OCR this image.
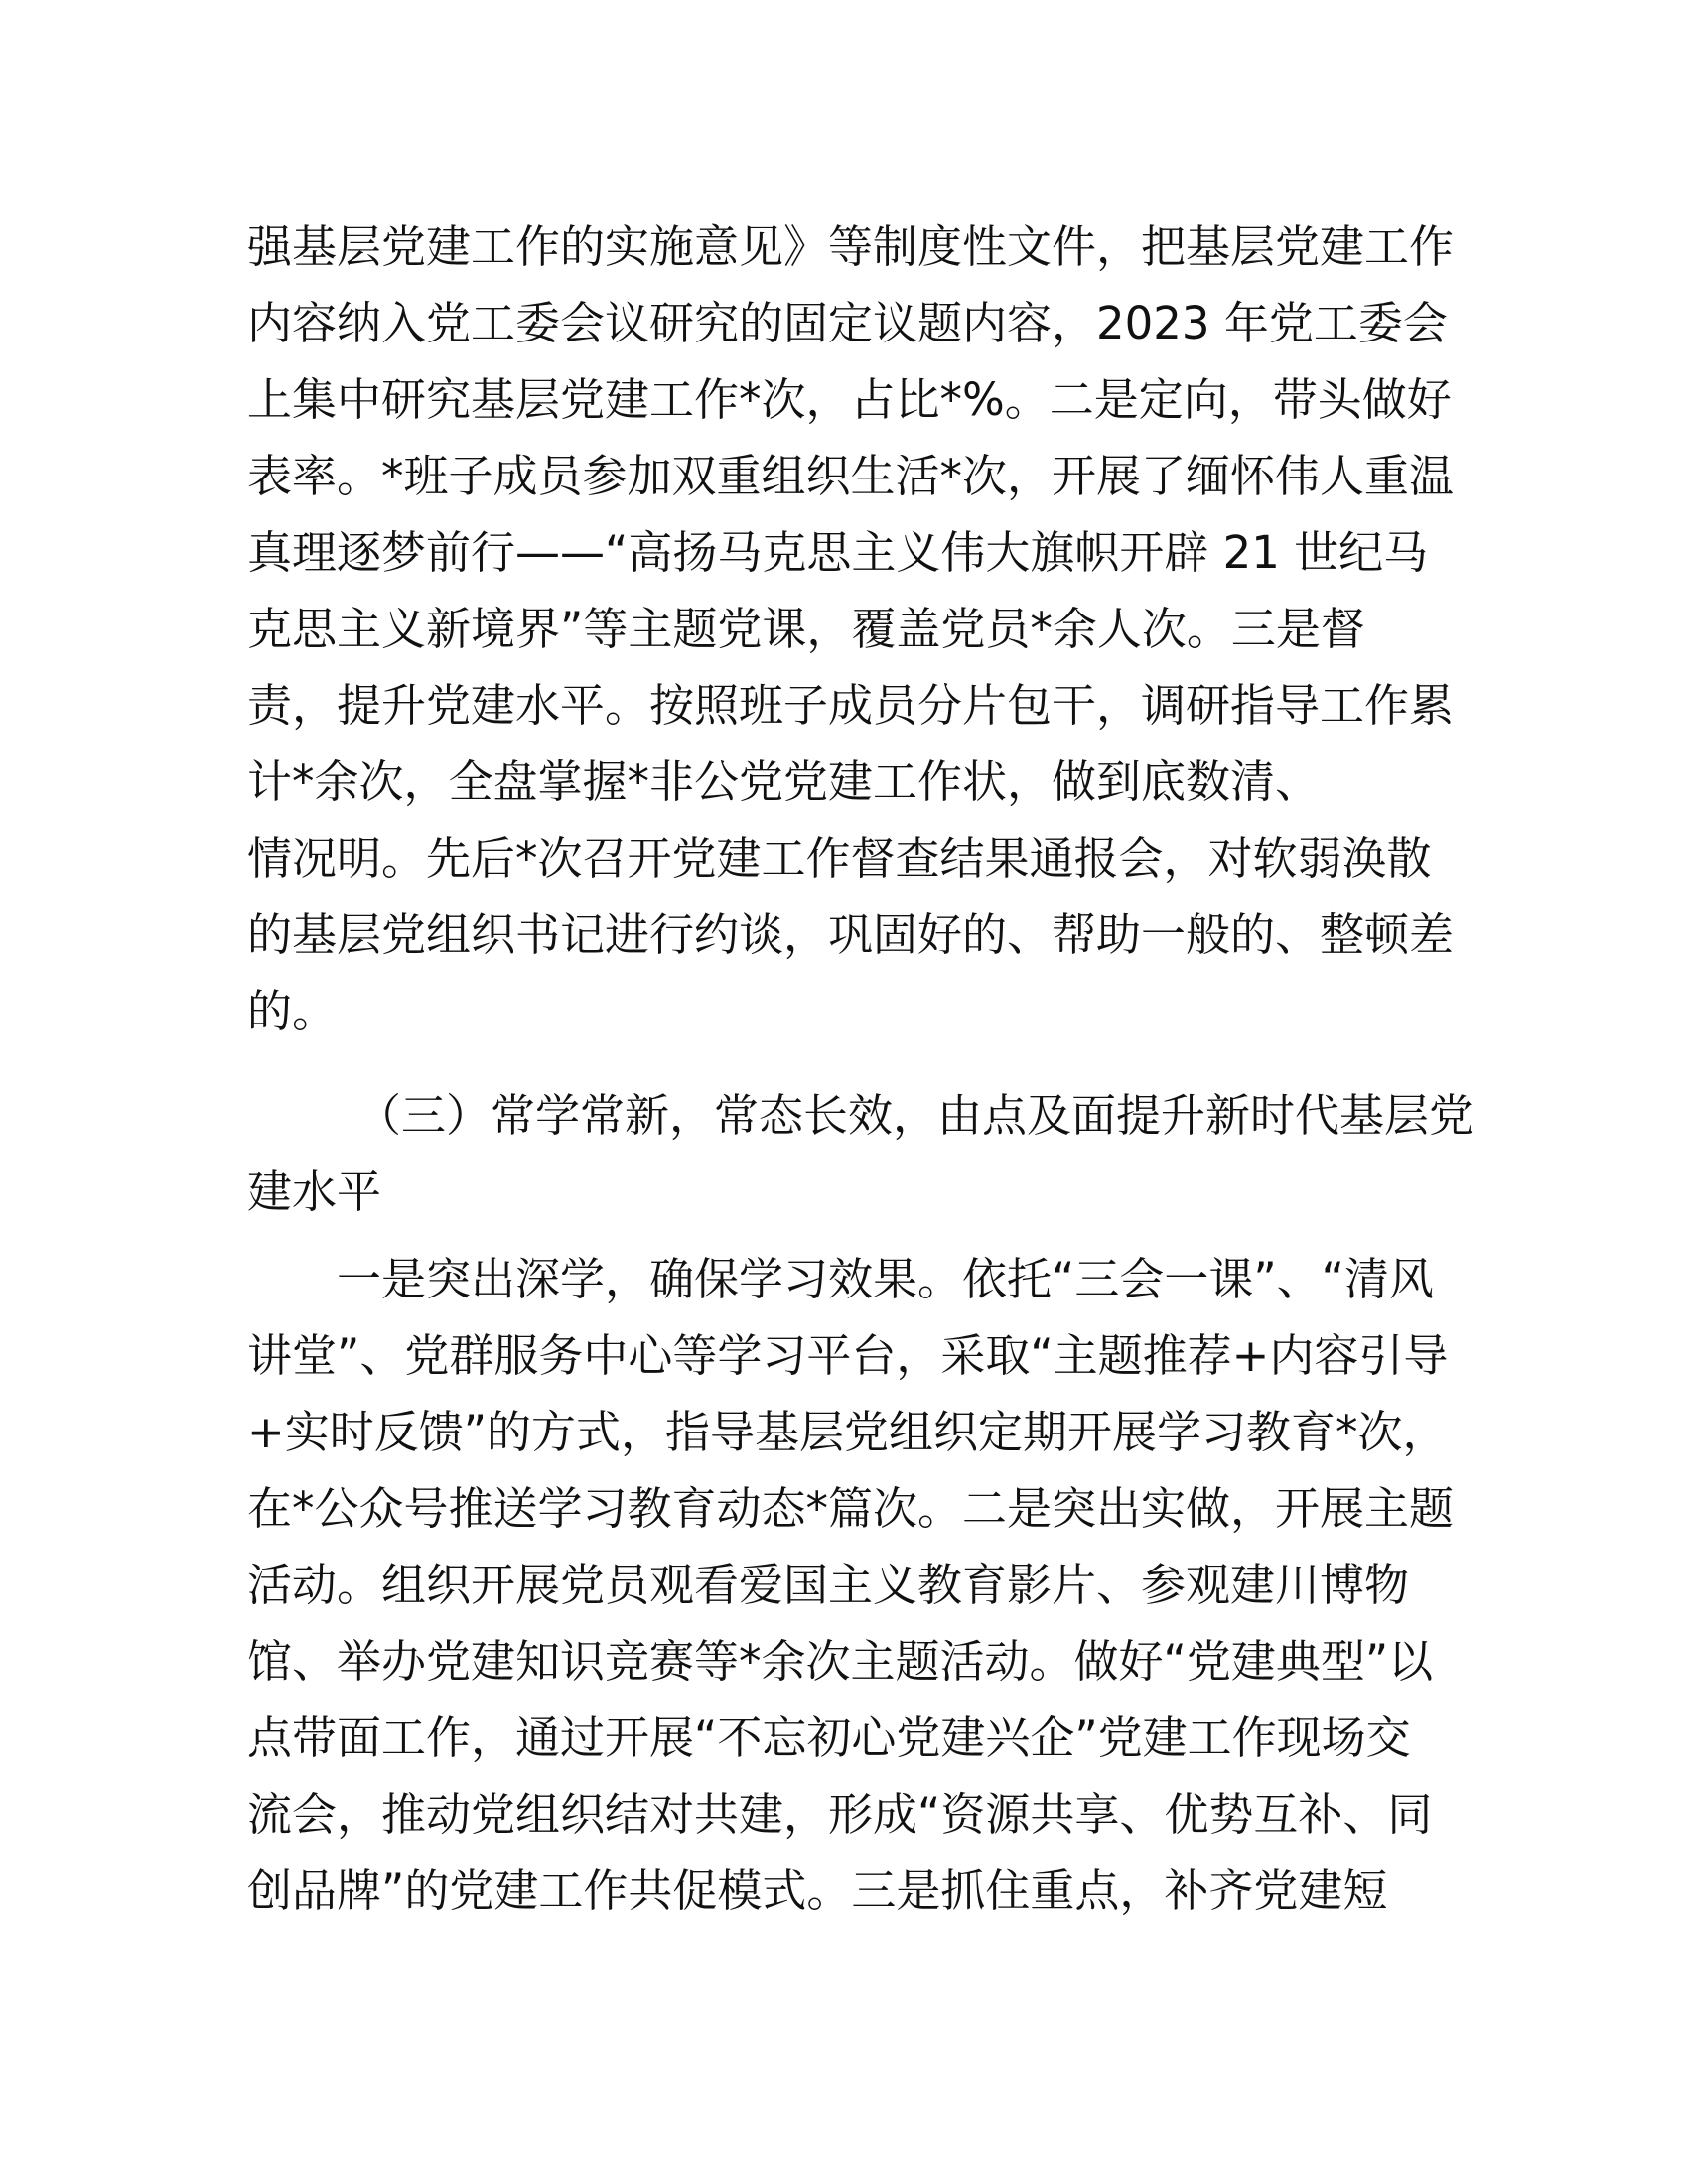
强基层党建工作的实施意见》等制度性文件，把基层党建工作
内容纳入党工委会议研究的固定议题内容，2023 年党工委会
上集中研究基层党建工作*次，占比*%。二是定向，带头做好
表率。*班子成员参加双重组织生活*次，开展了缅怀伟人重温
真理逐梦前行——“高扬马克思主义伟大旗帜开辟 21 世纪马
克思主义新境界”等主题党课，覆盖党员*余人次。三是督
责，提升党建水平。按照班子成员分片包干，调研指导工作累
计*余次，全盘掌握*非公党党建工作状，做到底数清、
情况明。先后*次召开党建工作督查结果通报会，对软弱涣散
的基层党组织书记进行约谈，巩固好的、帮助一般的、整顿差
的。
（三）常学常新，常态长效，由点及面提升新时代基层党
建水平
一是突出深学，确保学习效果。依托“三会一课”、“清风
讲堂”、党群服务中心等学习平台，采取“主题推荐+内容引导
+实时反馈”的方式，指导基层党组织定期开展学习教育*次，
在*公众号推送学习教育动态*篇次。二是突出实做，开展主题
活动。组织开展党员观看爱国主义教育影片、参观建川博物
馆、举办党建知识竞赛等*余次主题活动。做好“党建典型”以
点带面工作，通过开展“不忘初心党建兴企”党建工作现场交
流会，推动党组织结对共建，形成“资源共享、优势互补、同
创品牌”的党建工作共促模式。三是抓住重点，补齐党建短
